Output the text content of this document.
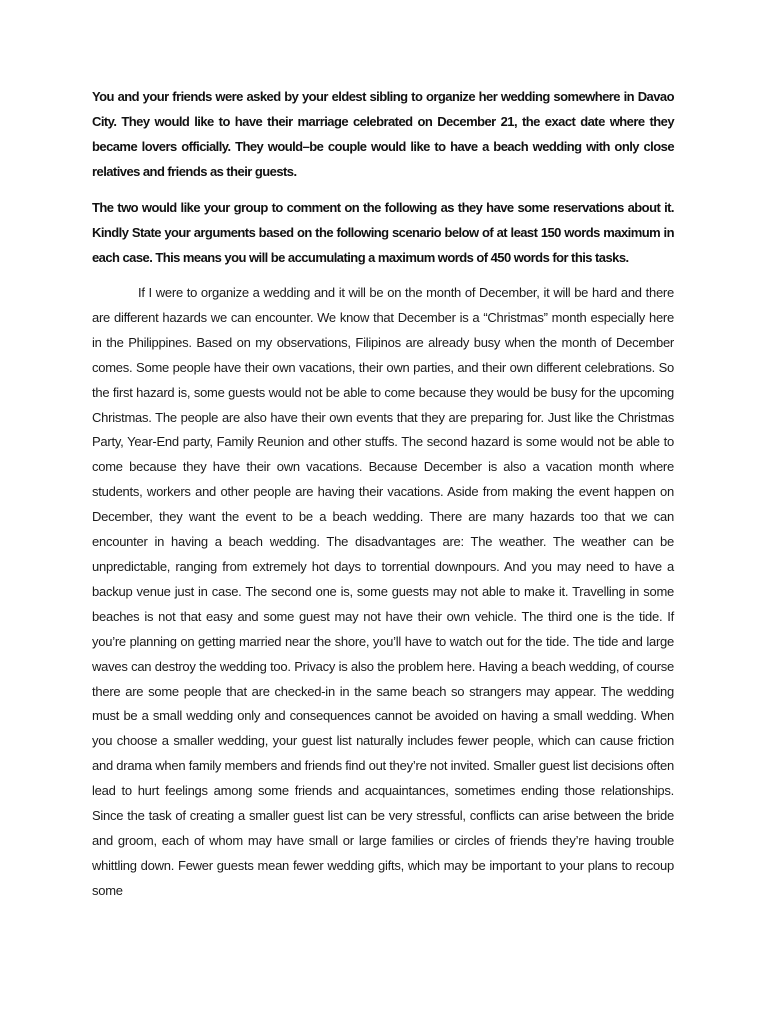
You and your friends were asked by your eldest sibling to organize her wedding somewhere in Davao City. They would like to have their marriage celebrated on December 21, the exact date where they became lovers officially. They would–be couple would like to have a beach wedding with only close relatives and friends as their guests.

The two would like your group to comment on the following as they have some reservations about it. Kindly State your arguments based on the following scenario below of at least 150 words maximum in each case. This means you will be accumulating a maximum words of 450 words for this tasks.

If I were to organize a wedding and it will be on the month of December, it will be hard and there are different hazards we can encounter. We know that December is a “Christmas” month especially here in the Philippines. Based on my observations, Filipinos are already busy when the month of December comes. Some people have their own vacations, their own parties, and their own different celebrations. So the first hazard is, some guests would not be able to come because they would be busy for the upcoming Christmas. The people are also have their own events that they are preparing for. Just like the Christmas Party, Year-End party, Family Reunion and other stuffs. The second hazard is some would not be able to come because they have their own vacations. Because December is also a vacation month where students, workers and other people are having their vacations. Aside from making the event happen on December, they want the event to be a beach wedding. There are many hazards too that we can encounter in having a beach wedding. The disadvantages are: The weather. The weather can be unpredictable, ranging from extremely hot days to torrential downpours. And you may need to have a backup venue just in case. The second one is, some guests may not able to make it. Travelling in some beaches is not that easy and some guest may not have their own vehicle. The third one is the tide. If you’re planning on getting married near the shore, you’ll have to watch out for the tide. The tide and large waves can destroy the wedding too. Privacy is also the problem here. Having a beach wedding, of course there are some people that are checked-in in the same beach so strangers may appear. The wedding must be a small wedding only and consequences cannot be avoided on having a small wedding. When you choose a smaller wedding, your guest list naturally includes fewer people, which can cause friction and drama when family members and friends find out they’re not invited. Smaller guest list decisions often lead to hurt feelings among some friends and acquaintances, sometimes ending those relationships. Since the task of creating a smaller guest list can be very stressful, conflicts can arise between the bride and groom, each of whom may have small or large families or circles of friends they’re having trouble whittling down. Fewer guests mean fewer wedding gifts, which may be important to your plans to recoup some
